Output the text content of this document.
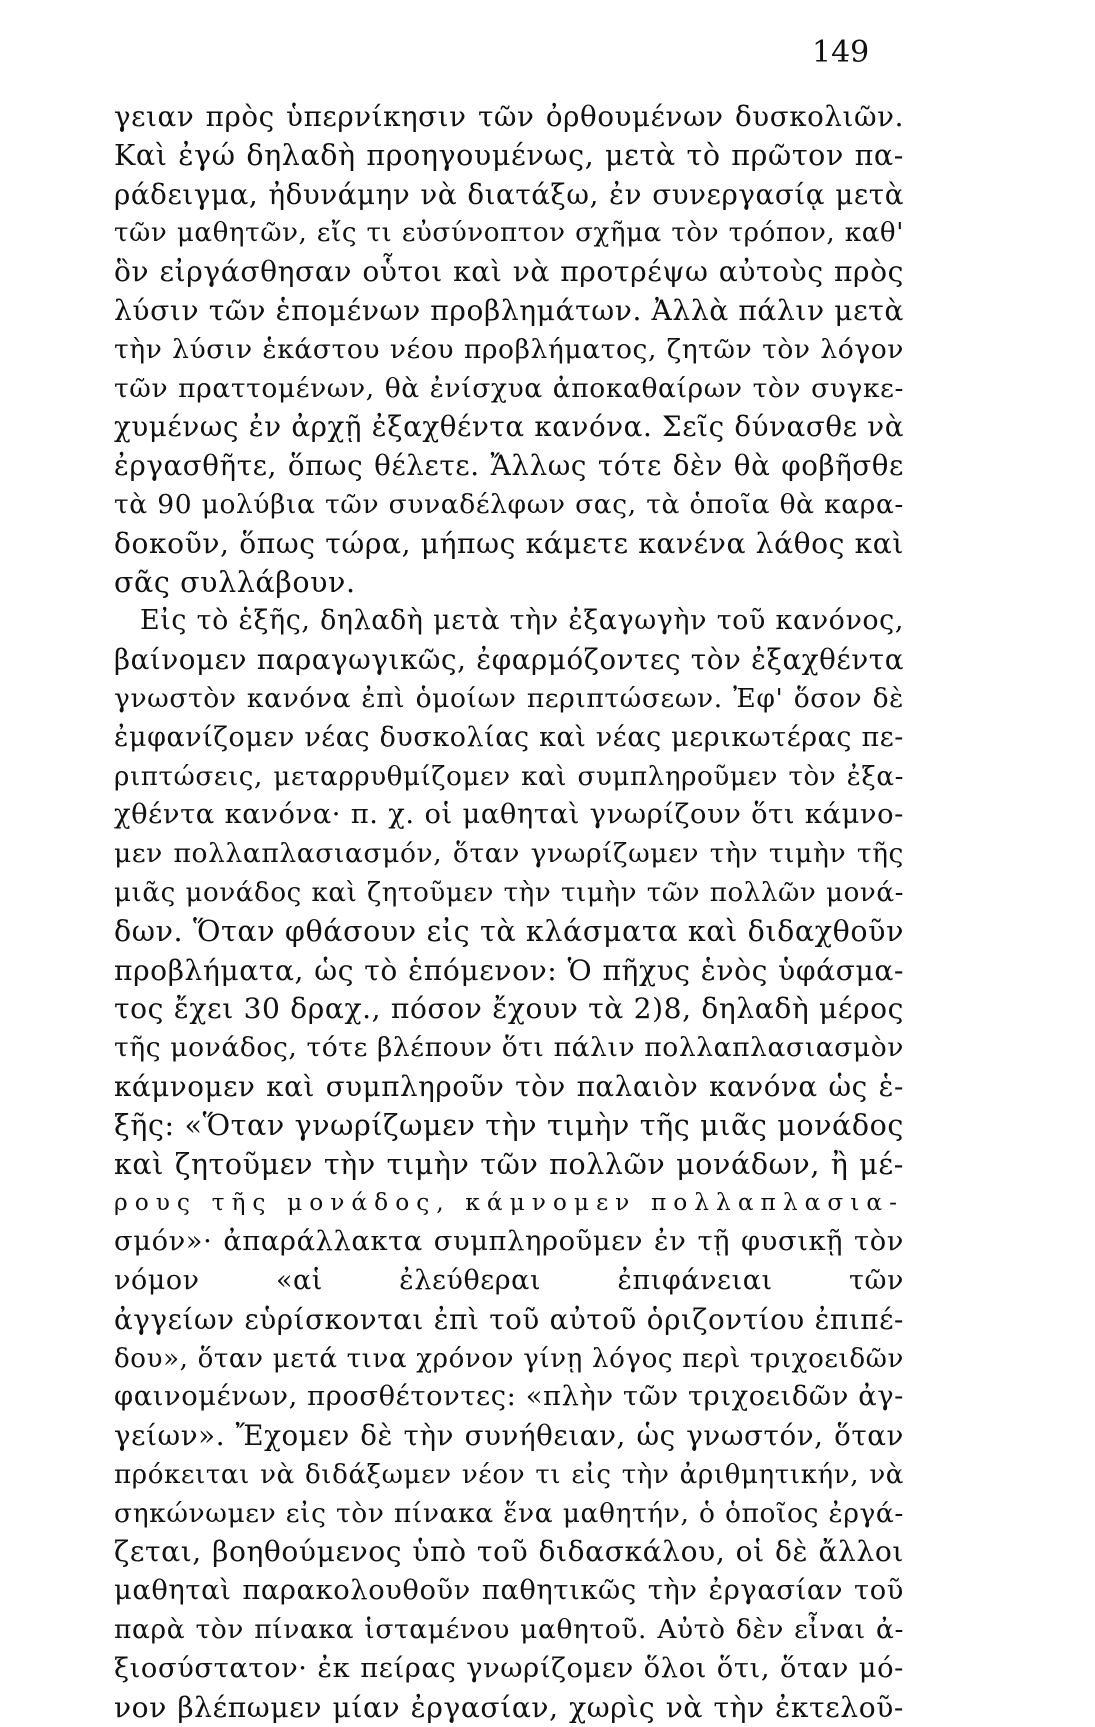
149
γειαν πρὸς ὑπερνίκησιν τῶν ὀρθουμένων δυσκολιῶν.
Καὶ ἐγώ δηλαδὴ προηγουμένως, μετὰ τὸ πρῶτον πα-
ράδειγμα, ἠδυνάμην νὰ διατάξω, ἐν συνεργασίᾳ μετὰ
τῶν μαθητῶν, εἴς τι εὐσύνοπτον σχῆμα τὸν τρόπον, καθ'
ὃν εἰργάσθησαν οὗτοι καὶ νὰ προτρέψω αὐτοὺς πρὸς
λύσιν τῶν ἑπομένων προβλημάτων. Ἀλλὰ πάλιν μετὰ
τὴν λύσιν ἑκάστου νέου προβλήματος, ζητῶν τὸν λόγον
τῶν πραττομένων, θὰ ἐνίσχυα ἀποκαθαίρων τὸν συγκε-
χυμένως ἐν ἀρχῇ ἐξαχθέντα κανόνα. Σεῖς δύνασθε νὰ
ἐργασθῆτε, ὅπως θέλετε. Ἄλλως τότε δὲν θὰ φοβῆσθε
τὰ 90 μολύβια τῶν συναδέλφων σας, τὰ ὁποῖα θὰ καρα-
δοκοῦν, ὅπως τώρα, μήπως κάμετε κανένα λάθος καὶ
σᾶς συλλάβουν.
Εἰς τὸ ἑξῆς, δηλαδὴ μετὰ τὴν ἐξαγωγὴν τοῦ κανόνος,
βαίνομεν παραγωγικῶς, ἐφαρμόζοντες τὸν ἐξαχθέντα
γνωστὸν κανόνα ἐπὶ ὁμοίων περιπτώσεων. Ἐφ' ὅσον δὲ
ἐμφανίζομεν νέας δυσκολίας καὶ νέας μερικωτέρας πε-
ριπτώσεις, μεταρρυθμίζομεν καὶ συμπληροῦμεν τὸν ἐξα-
χθέντα κανόνα· π. χ. οἱ μαθηταὶ γνωρίζουν ὅτι κάμνο-
μεν πολλαπλασιασμόν, ὅταν γνωρίζωμεν τὴν τιμὴν τῆς
μιᾶς μονάδος καὶ ζητοῦμεν τὴν τιμὴν τῶν πολλῶν μονά-
δων. Ὅταν φθάσουν εἰς τὰ κλάσματα καὶ διδαχθοῦν
προβλήματα, ὡς τὸ ἑπόμενον: Ὁ πῆχυς ἑνὸς ὑφάσμα-
τος ἔχει 30 δραχ., πόσον ἔχουν τὰ 2)8, δηλαδὴ μέρος
τῆς μονάδος, τότε βλέπουν ὅτι πάλιν πολλαπλασιασμὸν
κάμνομεν καὶ συμπληροῦν τὸν παλαιὸν κανόνα ὡς ἑ-
ξῆς: «Ὅταν γνωρίζωμεν τὴν τιμὴν τῆς μιᾶς μονάδος
καὶ ζητοῦμεν τὴν τιμὴν τῶν πολλῶν μονάδων, ἢ μέ-
ρους τῆς μονάδος, κάμνομεν πολλαπλασια-
σμόν»· ἀπαράλλακτα συμπληροῦμεν ἐν τῇ φυσικῇ τὸν
νόμον «αἱ ἐλεύθεραι ἐπιφάνειαι τῶν
ἀγγείων εὑρίσκονται ἐπὶ τοῦ αὐτοῦ ὁριζοντίου ἐπιπέ-
δου», ὅταν μετά τινα χρόνον γίνῃ λόγος περὶ τριχοειδῶν
φαινομένων, προσθέτοντες: «πλὴν τῶν τριχοειδῶν ἀγ-
γείων». Ἔχομεν δὲ τὴν συνήθειαν, ὡς γνωστόν, ὅταν
πρόκειται νὰ διδάξωμεν νέον τι εἰς τὴν ἀριθμητικήν, νὰ
σηκώνωμεν εἰς τὸν πίνακα ἕνα μαθητήν, ὁ ὁποῖος ἐργά-
ζεται, βοηθούμενος ὑπὸ τοῦ διδασκάλου, οἱ δὲ ἄλλοι
μαθηταὶ παρακολουθοῦν παθητικῶς τὴν ἐργασίαν τοῦ
παρὰ τὸν πίνακα ἱσταμένου μαθητοῦ. Αὐτὸ δὲν εἶναι ἀ-
ξιοσύστατον· ἐκ πείρας γνωρίζομεν ὅλοι ὅτι, ὅταν μό-
νον βλέπωμεν μίαν ἐργασίαν, χωρὶς νὰ τὴν ἐκτελοῦ-
